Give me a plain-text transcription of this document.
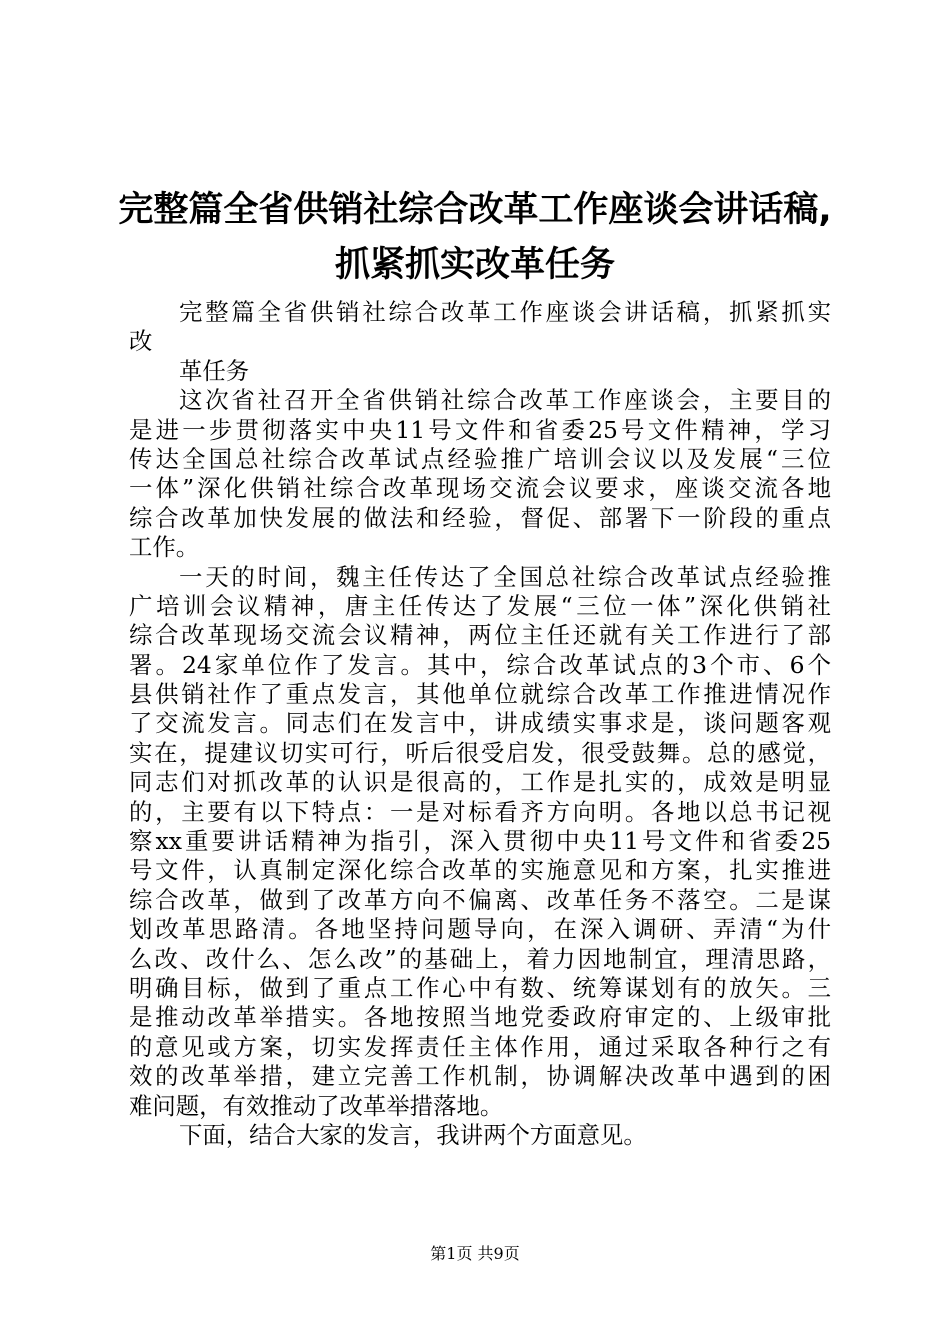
完整篇全省供销社综合改革工作座谈会讲话稿,
抓紧抓实改革任务
完整篇全省供销社综合改革工作座谈会讲话稿，抓紧抓实
改
革任务
这次省社召开全省供销社综合改革工作座谈会，主要目的
是进一步贯彻落实中央11号文件和省委25号文件精神，学习
传达全国总社综合改革试点经验推广培训会议以及发展“三位
一体”深化供销社综合改革现场交流会议要求，座谈交流各地
综合改革加快发展的做法和经验，督促、部署下一阶段的重点
工作。
一天的时间，魏主任传达了全国总社综合改革试点经验推
广培训会议精神，唐主任传达了发展“三位一体”深化供销社
综合改革现场交流会议精神，两位主任还就有关工作进行了部
署。24家单位作了发言。其中，综合改革试点的3个市、6个
县供销社作了重点发言，其他单位就综合改革工作推进情况作
了交流发言。同志们在发言中，讲成绩实事求是，谈问题客观
实在，提建议切实可行，听后很受启发，很受鼓舞。总的感觉，
同志们对抓改革的认识是很高的，工作是扎实的，成效是明显
的，主要有以下特点：一是对标看齐方向明。各地以总书记视
察xx重要讲话精神为指引，深入贯彻中央11号文件和省委25
号文件，认真制定深化综合改革的实施意见和方案，扎实推进
综合改革，做到了改革方向不偏离、改革任务不落空。二是谋
划改革思路清。各地坚持问题导向，在深入调研、弄清“为什
么改、改什么、怎么改”的基础上，着力因地制宜，理清思路，
明确目标，做到了重点工作心中有数、统筹谋划有的放矢。三
是推动改革举措实。各地按照当地党委政府审定的、上级审批
的意见或方案，切实发挥责任主体作用，通过采取各种行之有
效的改革举措，建立完善工作机制，协调解决改革中遇到的困
难问题，有效推动了改革举措落地。
下面，结合大家的发言，我讲两个方面意见。
第1页 共9页
